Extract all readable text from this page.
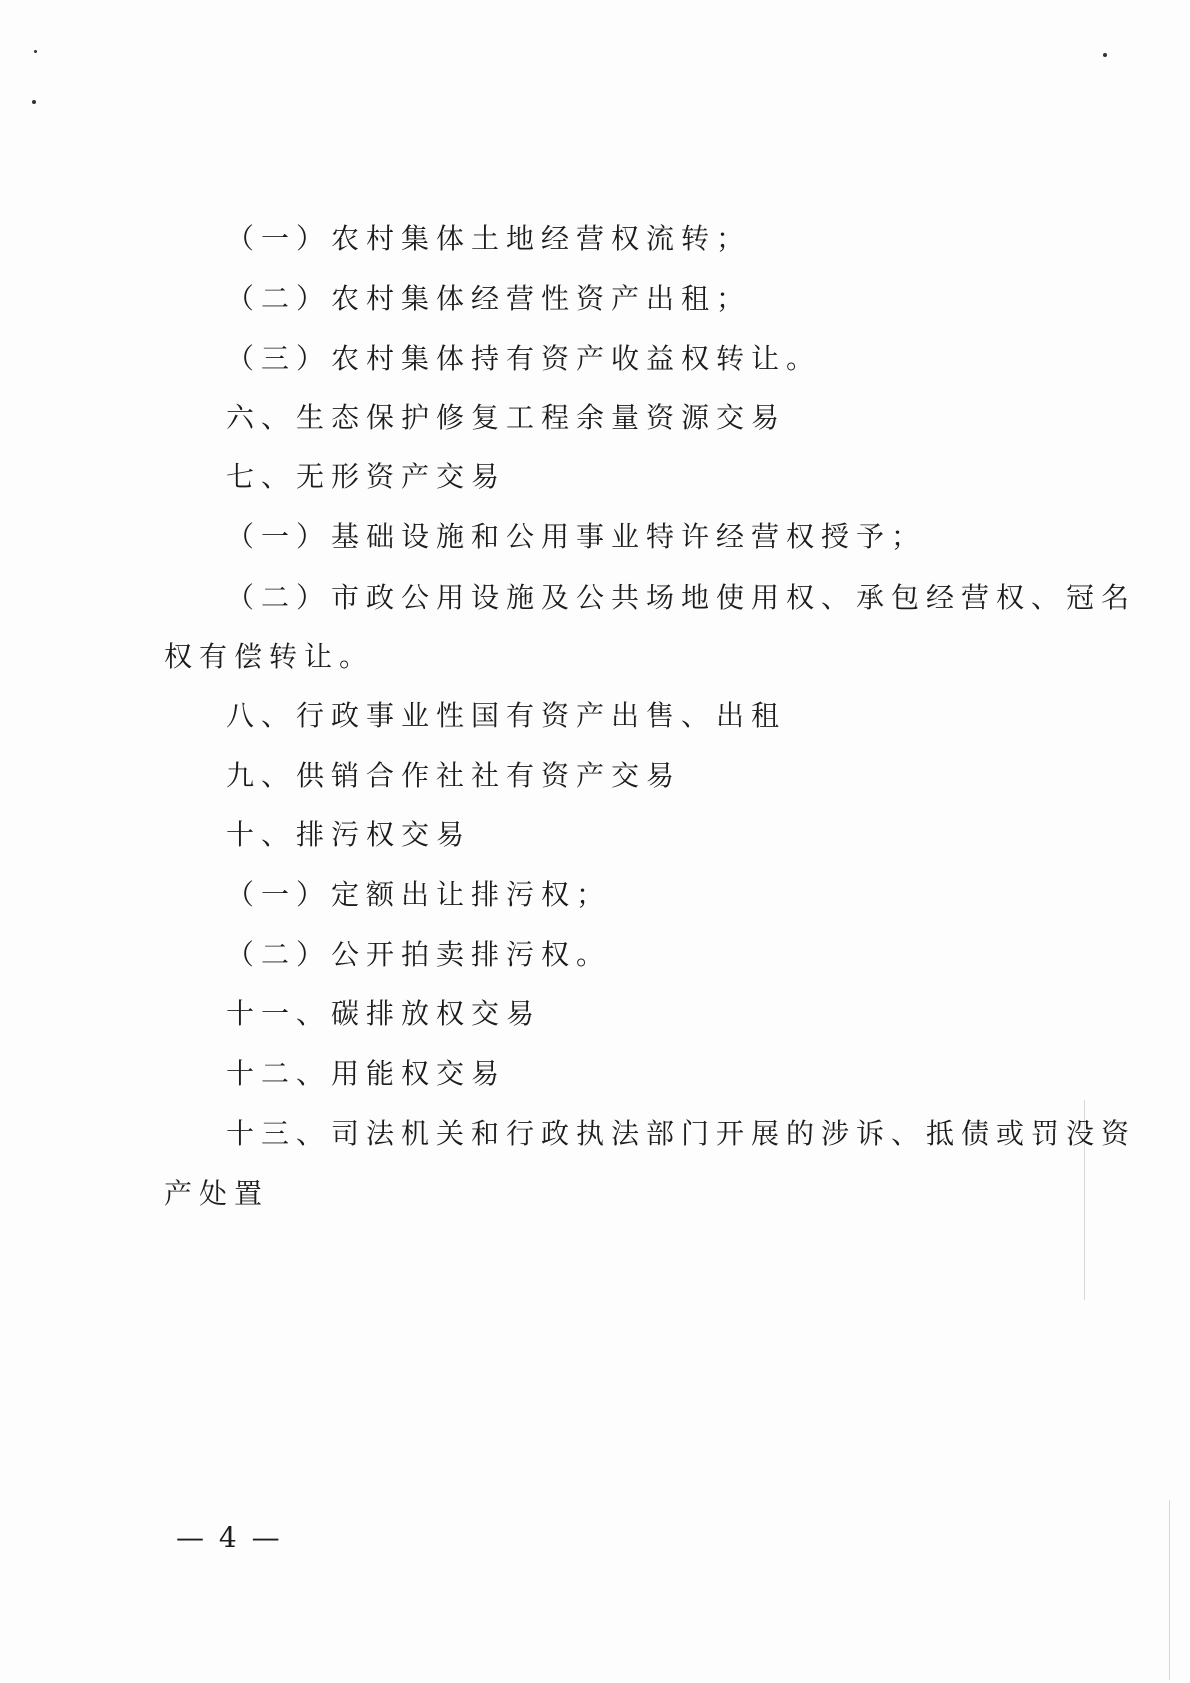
（一）农村集体土地经营权流转；
（二）农村集体经营性资产出租；
（三）农村集体持有资产收益权转让。
六、生态保护修复工程余量资源交易
七、无形资产交易
（一）基础设施和公用事业特许经营权授予；
（二）市政公用设施及公共场地使用权、承包经营权、冠名
权有偿转让。
八、行政事业性国有资产出售、出租
九、供销合作社社有资产交易
十、排污权交易
（一）定额出让排污权；
（二）公开拍卖排污权。
十一、碳排放权交易
十二、用能权交易
十三、司法机关和行政执法部门开展的涉诉、抵债或罚没资
产处置
— 4 —
